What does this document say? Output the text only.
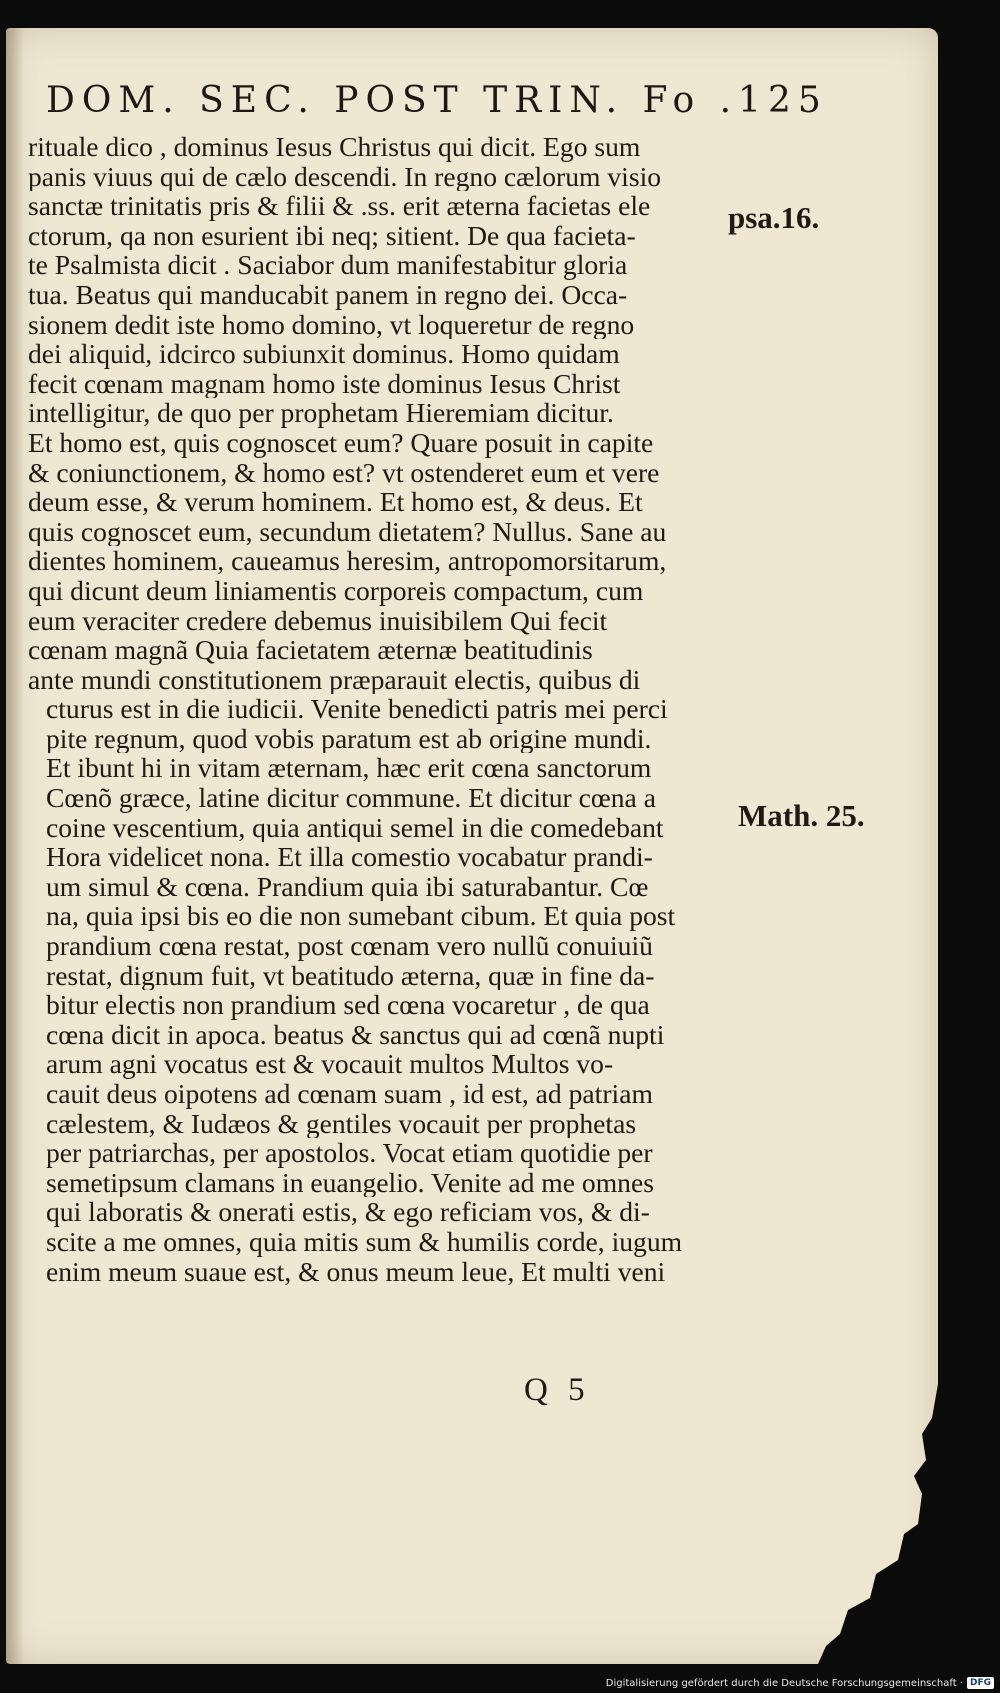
DOM. SEC. POST TRIN. Fo .125
psa.16.
Math. 25.
rituale dico , dominus Iesus Christus qui dicit. Ego sum
panis viuus qui de cælo descendi. In regno cælorum visio
sanctæ trinitatis pris & filii & .ss. erit æterna facietas ele
ctorum, qa non esurient ibi neq; sitient. De qua facieta-
te Psalmista dicit . Saciabor dum manifestabitur gloria
tua. Beatus qui manducabit panem in regno dei. Occa-
sionem dedit iste homo domino, vt loqueretur de regno
dei aliquid, idcirco subiunxit dominus. Homo quidam
fecit cœnam magnam homo iste dominus Iesus Christ
intelligitur, de quo per prophetam Hieremiam dicitur.
Et homo est, quis cognoscet eum? Quare posuit in capite
& coniunctionem, & homo est? vt ostenderet eum et vere
deum esse, & verum hominem. Et homo est, & deus. Et
quis cognoscet eum, secundum dietatem? Nullus. Sane au
dientes hominem, caueamus heresim, antropomorsitarum,
qui dicunt deum liniamentis corporeis compactum, cum
eum veraciter credere debemus inuisibilem Qui fecit
cœnam magnã Quia facietatem æternæ beatitudinis
ante mundi constitutionem præparauit electis, quibus di
cturus est in die iudicii. Venite benedicti patris mei perci
pite regnum, quod vobis paratum est ab origine mundi.
Et ibunt hi in vitam æternam, hæc erit cœna sanctorum
Cœnõ græce, latine dicitur commune. Et dicitur cœna a
coine vescentium, quia antiqui semel in die comedebant
Hora videlicet nona. Et illa comestio vocabatur prandi-
um simul & cœna. Prandium quia ibi saturabantur. Cœ
na, quia ipsi bis eo die non sumebant cibum. Et quia post
prandium cœna restat, post cœnam vero nullũ conuiuiũ
restat, dignum fuit, vt beatitudo æterna, quæ in fine da-
bitur electis non prandium sed cœna vocaretur , de qua
cœna dicit in apoca. beatus & sanctus qui ad cœnã nupti
arum agni vocatus est & vocauit multos Multos vo-
cauit deus oipotens ad cœnam suam , id est, ad patriam
cælestem, & Iudæos & gentiles vocauit per prophetas
per patriarchas, per apostolos. Vocat etiam quotidie per
semetipsum clamans in euangelio. Venite ad me omnes
qui laboratis & onerati estis, & ego reficiam vos, & di-
scite a me omnes, quia mitis sum & humilis corde, iugum
enim meum suaue est, & onus meum leue, Et multi veni
Q 5
Digitalisierung gefördert durch die Deutsche Forschungsgemeinschaft · DFG
